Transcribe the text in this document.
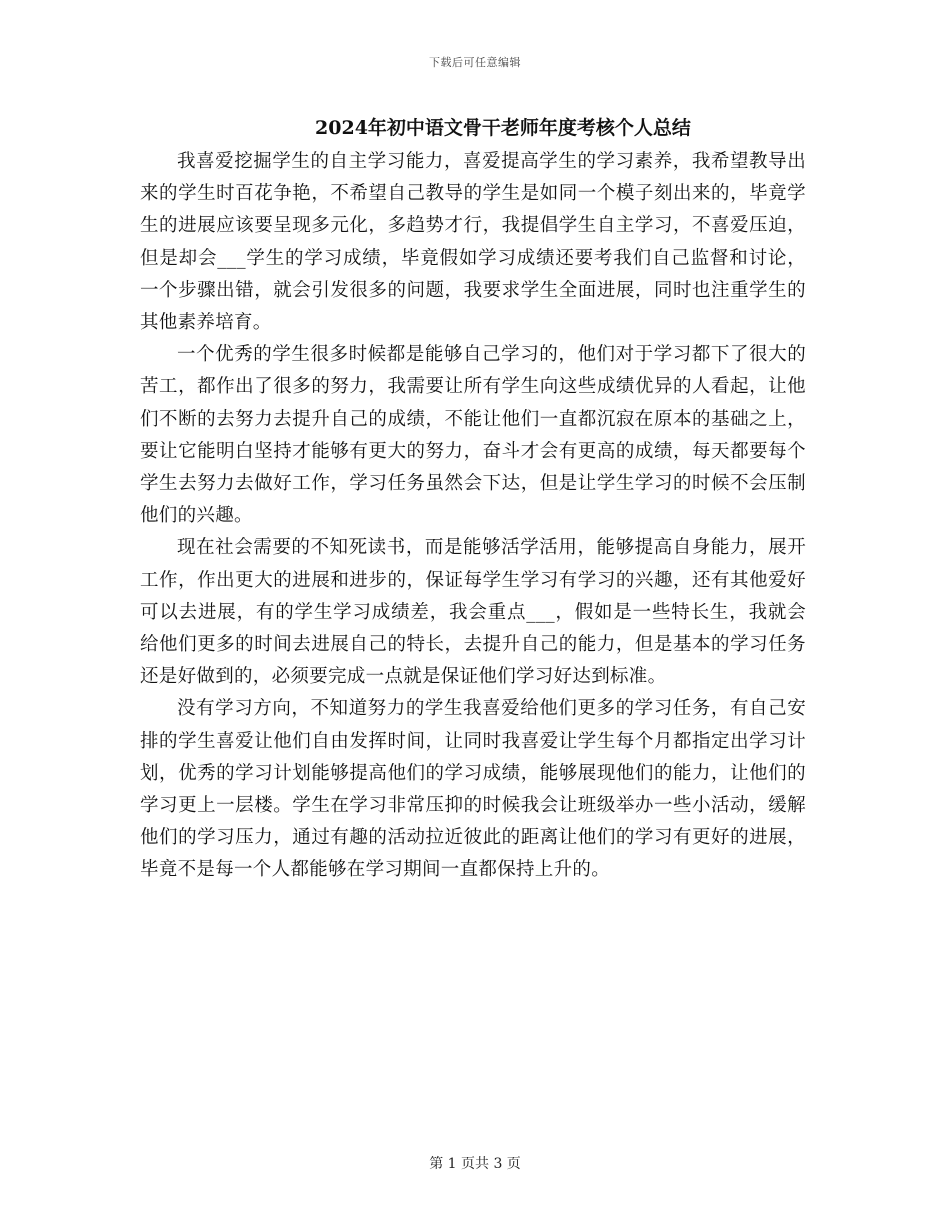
下载后可任意编辑
2024年初中语文骨干老师年度考核个人总结

我喜爱挖掘学生的自主学习能力，喜爱提高学生的学习素养，我希望教导出来的学生时百花争艳，不希望自己教导的学生是如同一个模子刻出来的，毕竟学生的进展应该要呈现多元化，多趋势才行，我提倡学生自主学习，不喜爱压迫，但是却会___学生的学习成绩，毕竟假如学习成绩还要考我们自己监督和讨论，一个步骤出错，就会引发很多的问题，我要求学生全面进展，同时也注重学生的其他素养培育。

一个优秀的学生很多时候都是能够自己学习的，他们对于学习都下了很大的苦工，都作出了很多的努力，我需要让所有学生向这些成绩优异的人看起，让他们不断的去努力去提升自己的成绩，不能让他们一直都沉寂在原本的基础之上，要让它能明白坚持才能够有更大的努力，奋斗才会有更高的成绩，每天都要每个学生去努力去做好工作，学习任务虽然会下达，但是让学生学习的时候不会压制他们的兴趣。

现在社会需要的不知死读书，而是能够活学活用，能够提高自身能力，展开工作，作出更大的进展和进步的，保证每学生学习有学习的兴趣，还有其他爱好可以去进展，有的学生学习成绩差，我会重点___，假如是一些特长生，我就会给他们更多的时间去进展自己的特长，去提升自己的能力，但是基本的学习任务还是好做到的，必须要完成一点就是保证他们学习好达到标准。

没有学习方向，不知道努力的学生我喜爱给他们更多的学习任务，有自己安排的学生喜爱让他们自由发挥时间，让同时我喜爱让学生每个月都指定出学习计划，优秀的学习计划能够提高他们的学习成绩，能够展现他们的能力，让他们的学习更上一层楼。学生在学习非常压抑的时候我会让班级举办一些小活动，缓解他们的学习压力，通过有趣的活动拉近彼此的距离让他们的学习有更好的进展，毕竟不是每一个人都能够在学习期间一直都保持上升的。

第 1 页共 3 页
